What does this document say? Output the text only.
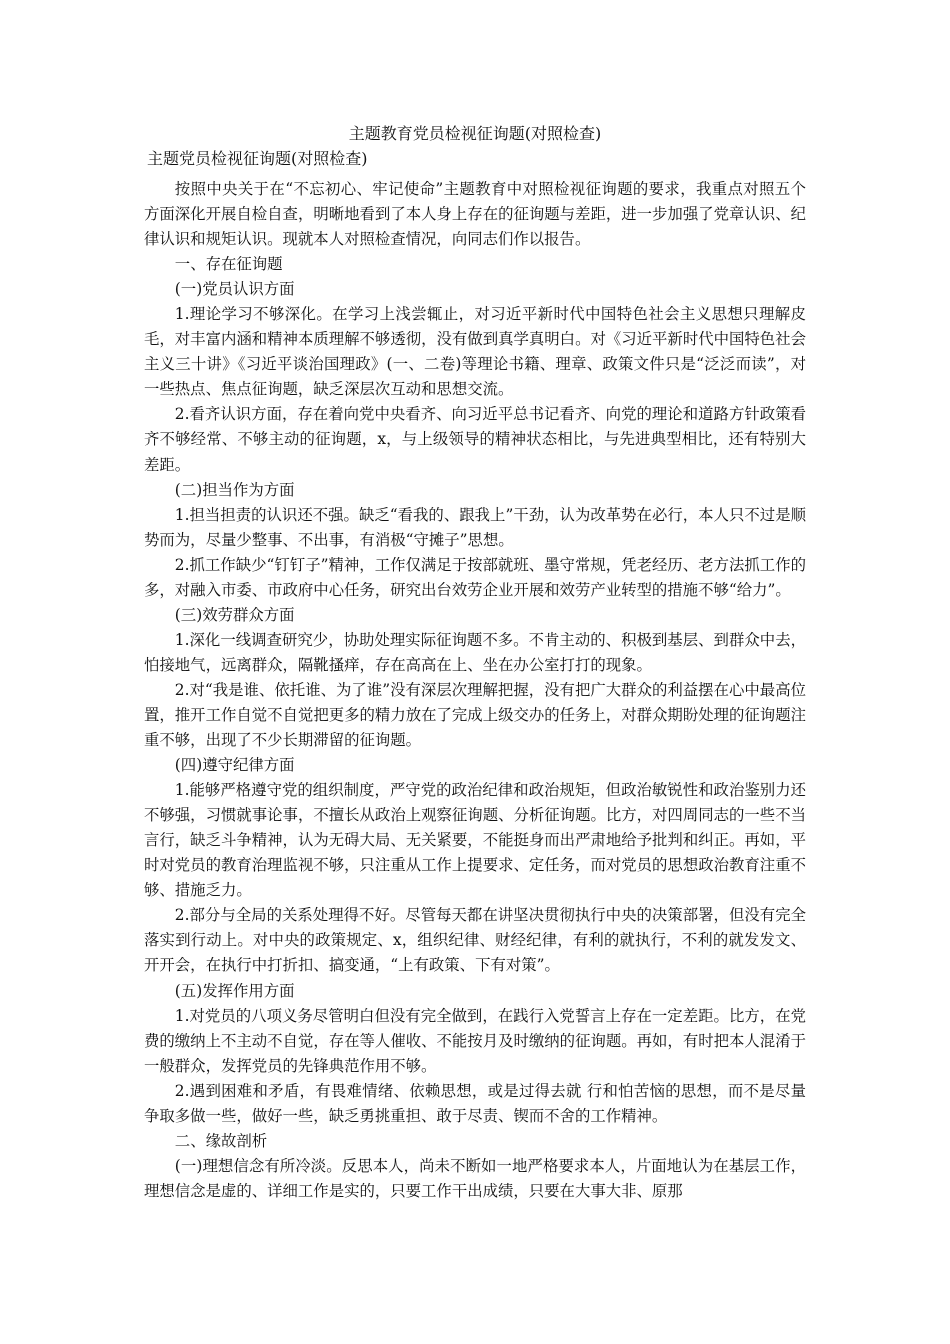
主题教育党员检视征询题(对照检查)
主题党员检视征询题(对照检查)

按照中央关于在“不忘初心、牢记使命”主题教育中对照检视征询题的要求，我重点对照五个方面深化开展自检自查，明晰地看到了本人身上存在的征询题与差距，进一步加强了党章认识、纪律认识和规矩认识。现就本人对照检查情况，向同志们作以报告。

一、存在征询题

(一)党员认识方面

1.理论学习不够深化。在学习上浅尝辄止，对习近平新时代中国特色社会主义思想只理解皮毛，对丰富内涵和精神本质理解不够透彻，没有做到真学真明白。对《习近平新时代中国特色社会主义三十讲》《习近平谈治国理政》(一、二卷)等理论书籍、理章、政策文件只是“泛泛而读”，对一些热点、焦点征询题，缺乏深层次互动和思想交流。

2.看齐认识方面，存在着向党中央看齐、向习近平总书记看齐、向党的理论和道路方针政策看齐不够经常、不够主动的征询题，x，与上级领导的精神状态相比，与先进典型相比，还有特别大差距。

(二)担当作为方面

1.担当担责的认识还不强。缺乏“看我的、跟我上”干劲，认为改革势在必行，本人只不过是顺势而为，尽量少整事、不出事，有消极“守摊子”思想。

2.抓工作缺少“钉钉子”精神，工作仅满足于按部就班、墨守常规，凭老经历、老方法抓工作的多，对融入市委、市政府中心任务，研究出台效劳企业开展和效劳产业转型的措施不够“给力”。

(三)效劳群众方面

1.深化一线调查研究少，协助处理实际征询题不多。不肯主动的、积极到基层、到群众中去，怕接地气，远离群众，隔靴搔痒，存在高高在上、坐在办公室打打的现象。

2.对“我是谁、依托谁、为了谁”没有深层次理解把握，没有把广大群众的利益摆在心中最高位置，推开工作自觉不自觉把更多的精力放在了完成上级交办的任务上，对群众期盼处理的征询题注重不够，出现了不少长期滞留的征询题。

(四)遵守纪律方面

1.能够严格遵守党的组织制度，严守党的政治纪律和政治规矩，但政治敏锐性和政治鉴别力还不够强，习惯就事论事，不擅长从政治上观察征询题、分析征询题。比方，对四周同志的一些不当言行，缺乏斗争精神，认为无碍大局、无关紧要，不能挺身而出严肃地给予批判和纠正。再如，平时对党员的教育治理监视不够，只注重从工作上提要求、定任务，而对党员的思想政治教育注重不够、措施乏力。

2.部分与全局的关系处理得不好。尽管每天都在讲坚决贯彻执行中央的决策部署，但没有完全落实到行动上。对中央的政策规定、x，组织纪律、财经纪律，有利的就执行，不利的就发发文、开开会，在执行中打折扣、搞变通，“上有政策、下有对策”。

(五)发挥作用方面

1.对党员的八项义务尽管明白但没有完全做到，在践行入党誓言上存在一定差距。比方，在党费的缴纳上不主动不自觉，存在等人催收、不能按月及时缴纳的征询题。再如，有时把本人混淆于一般群众，发挥党员的先锋典范作用不够。

2.遇到困难和矛盾，有畏难情绪、依赖思想，或是过得去就 行和怕苦恼的思想，而不是尽量争取多做一些，做好一些，缺乏勇挑重担、敢于尽责、锲而不舍的工作精神。

二、缘故剖析

(一)理想信念有所冷淡。反思本人，尚未不断如一地严格要求本人，片面地认为在基层工作，理想信念是虚的、详细工作是实的，只要工作干出成绩，只要在大事大非、原那
